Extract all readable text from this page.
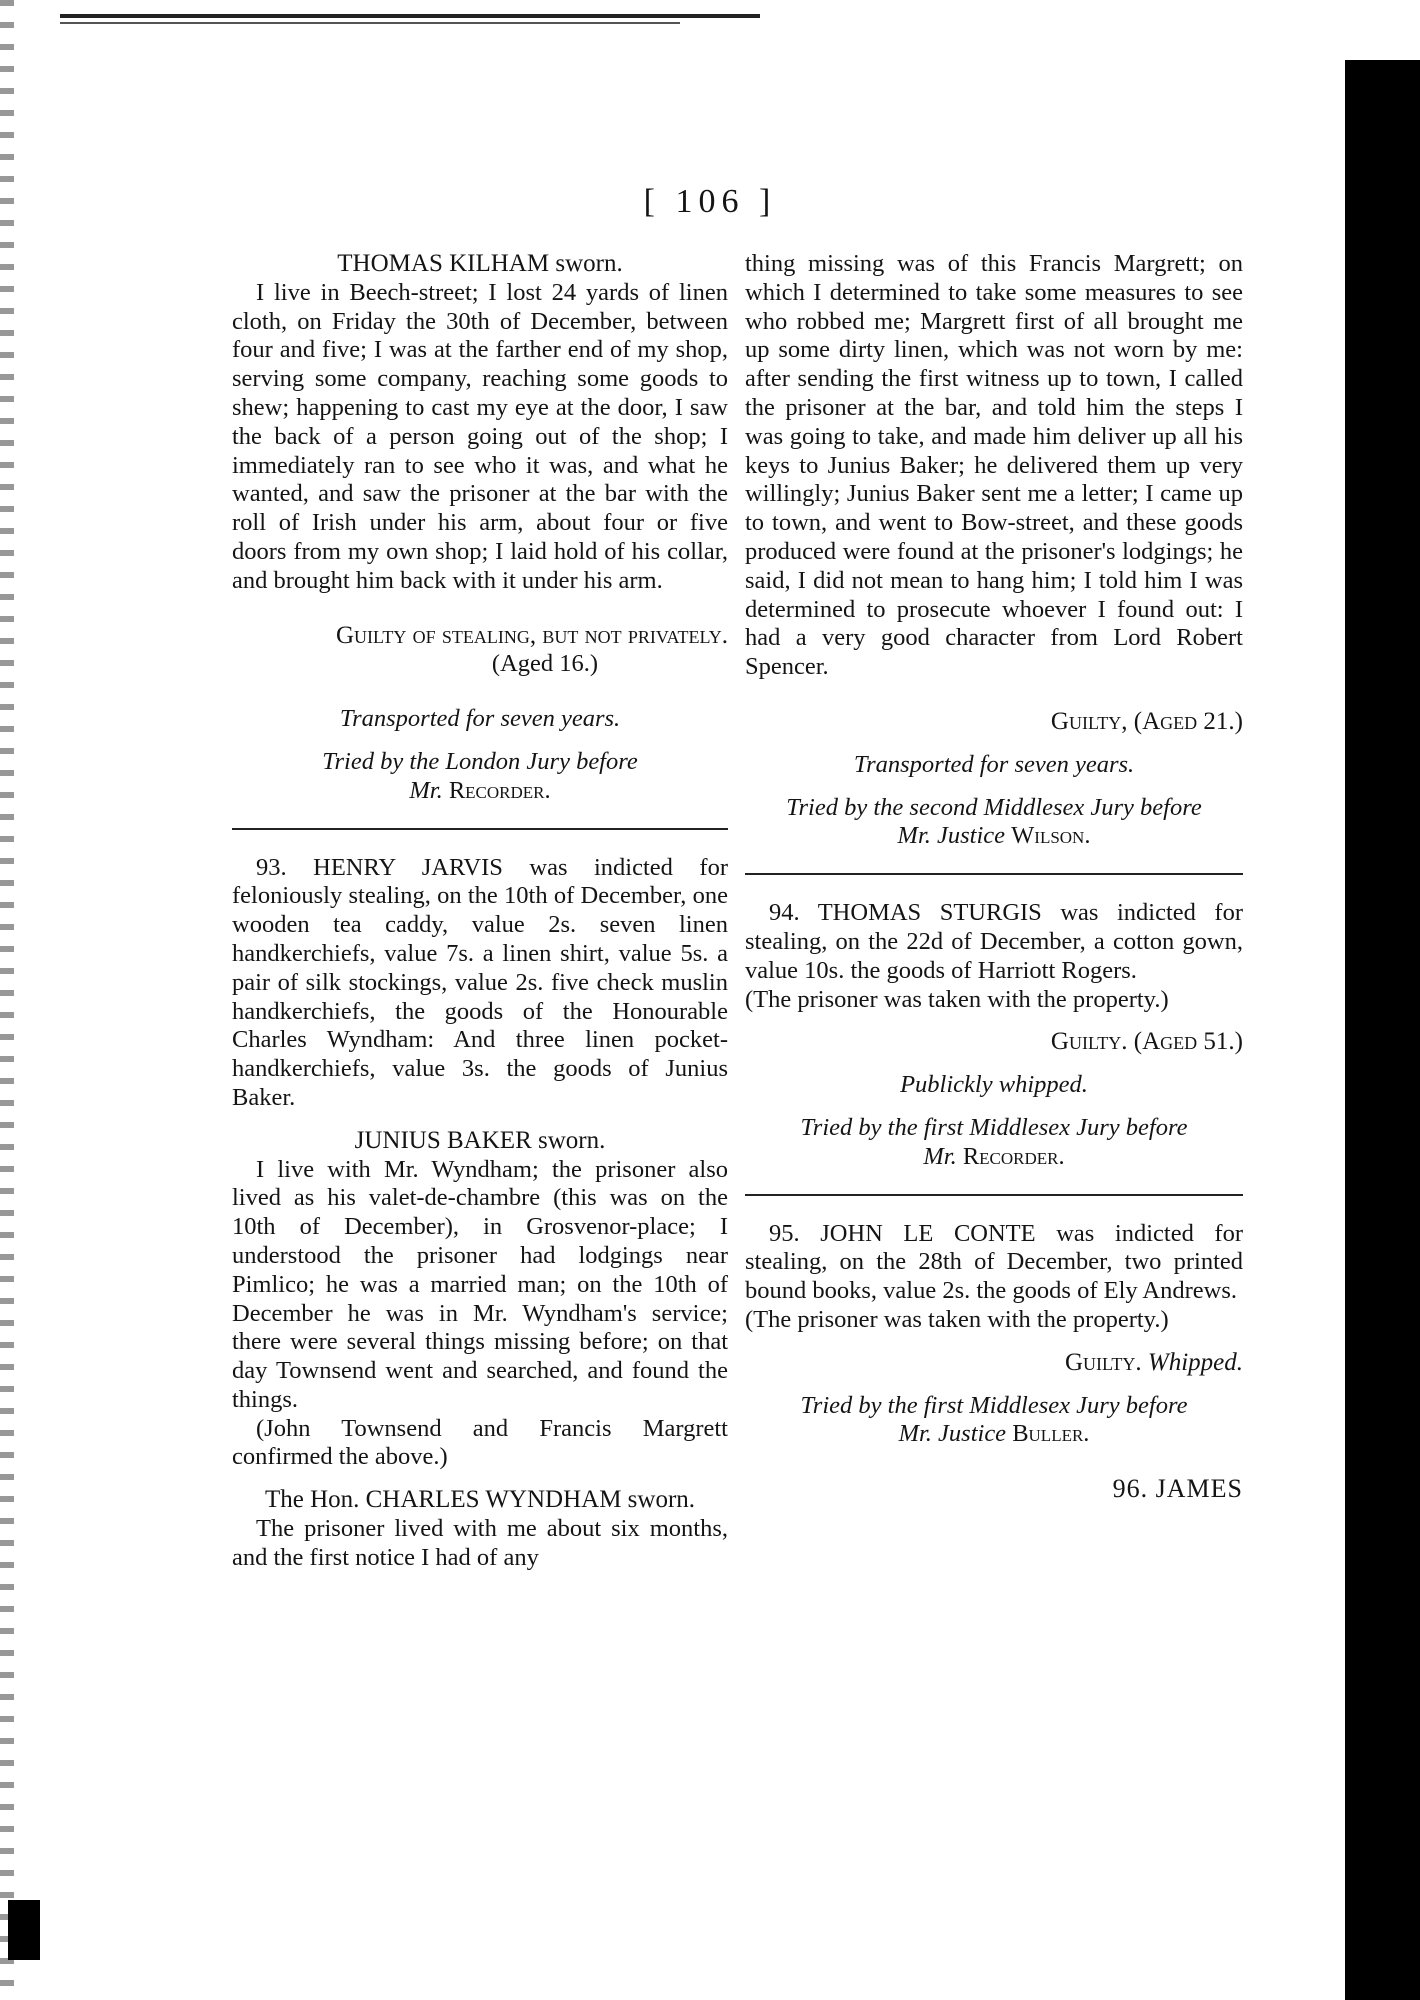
[ 106 ]

THOMAS KILHAM sworn.

I live in Beech-street; I lost 24 yards of linen cloth, on Friday the 30th of December, between four and five; I was at the farther end of my shop, serving some company, reaching some goods to shew; happening to cast my eye at the door, I saw the back of a person going out of the shop; I immediately ran to see who it was, and what he wanted, and saw the prisoner at the bar with the roll of Irish under his arm, about four or five doors from my own shop; I laid hold of his collar, and brought him back with it under his arm.

Guilty of stealing, but not privately.

(Aged 16.)

Transported for seven years.

Tried by the London Jury before

Mr. Recorder.

93. HENRY JARVIS was indicted for feloniously stealing, on the 10th of December, one wooden tea caddy, value 2s. seven linen handkerchiefs, value 7s. a linen shirt, value 5s. a pair of silk stockings, value 2s. five check muslin handkerchiefs, the goods of the Honourable Charles Wyndham: And three linen pocket-handkerchiefs, value 3s. the goods of Junius Baker.

JUNIUS BAKER sworn.

I live with Mr. Wyndham; the prisoner also lived as his valet-de-chambre (this was on the 10th of December), in Grosvenor-place; I understood the prisoner had lodgings near Pimlico; he was a married man; on the 10th of December he was in Mr. Wyndham's service; there were several things missing before; on that day Townsend went and searched, and found the things.

(John Townsend and Francis Margrett confirmed the above.)

The Hon. CHARLES WYNDHAM sworn.

The prisoner lived with me about six months, and the first notice I had of any

thing missing was of this Francis Margrett; on which I determined to take some measures to see who robbed me; Margrett first of all brought me up some dirty linen, which was not worn by me: after sending the first witness up to town, I called the prisoner at the bar, and told him the steps I was going to take, and made him deliver up all his keys to Junius Baker; he delivered them up very willingly; Junius Baker sent me a letter; I came up to town, and went to Bow-street, and these goods produced were found at the prisoner's lodgings; he said, I did not mean to hang him; I told him I was determined to prosecute whoever I found out: I had a very good character from Lord Robert Spencer.

Guilty, (Aged 21.)

Transported for seven years.

Tried by the second Middlesex Jury before

Mr. Justice Wilson.

94. THOMAS STURGIS was indicted for stealing, on the 22d of December, a cotton gown, value 10s. the goods of Harriott Rogers.

(The prisoner was taken with the property.)

Guilty. (Aged 51.)

Publickly whipped.

Tried by the first Middlesex Jury before

Mr. Recorder.

95. JOHN LE CONTE was indicted for stealing, on the 28th of December, two printed bound books, value 2s. the goods of Ely Andrews.

(The prisoner was taken with the property.)

Guilty. Whipped.

Tried by the first Middlesex Jury before

Mr. Justice Buller.

96. JAMES
